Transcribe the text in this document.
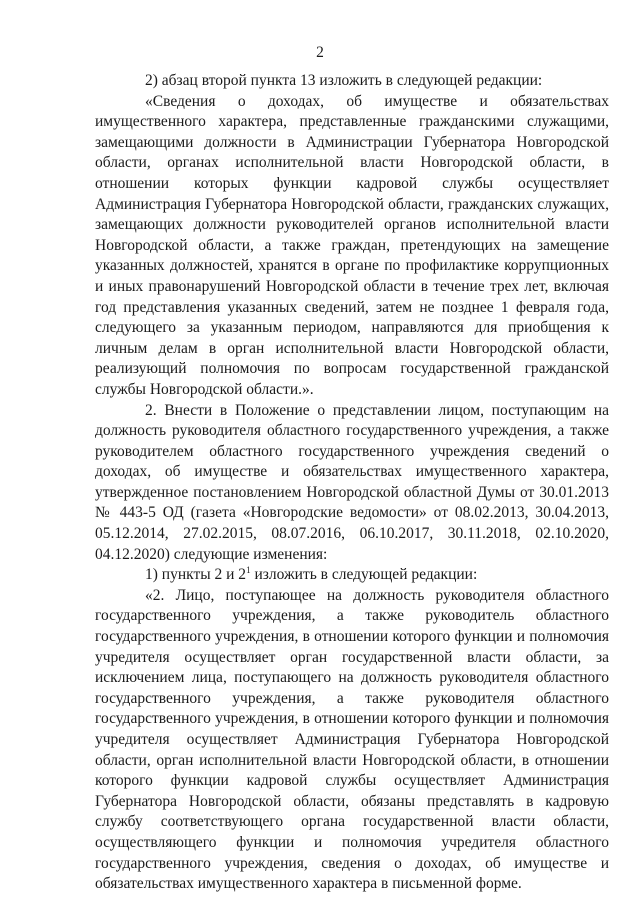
2

2) абзац второй пункта 13 изложить в следующей редакции:

«Сведения о доходах, об имуществе и обязательствах имущественного характера, представленные гражданскими служащими, замещающими должности в Администрации Губернатора Новгородской области, органах исполнительной власти Новгородской области, в отношении которых функции кадровой службы осуществляет Администрация Губернатора Новгородской области, гражданских служащих, замещающих должности руководителей органов исполнительной власти Новгородской области, а также граждан, претендующих на замещение указанных должностей, хранятся в органе по профилактике коррупционных и иных правонарушений Новгородской области в течение трех лет, включая год представления указанных сведений, затем не позднее 1 февраля года, следующего за указанным периодом, направляются для приобщения к личным делам в орган исполнительной власти Новгородской области, реализующий полномочия по вопросам государственной гражданской службы Новгородской области.».

2. Внести в Положение о представлении лицом, поступающим на должность руководителя областного государственного учреждения, а также руководителем областного государственного учреждения сведений о доходах, об имуществе и обязательствах имущественного характера, утвержденное постановлением Новгородской областной Думы от 30.01.2013 № 443-5 ОД (газета «Новгородские ведомости» от 08.02.2013, 30.04.2013, 05.12.2014, 27.02.2015, 08.07.2016, 06.10.2017, 30.11.2018, 02.10.2020, 04.12.2020) следующие изменения:

1) пункты 2 и $2^1$ изложить в следующей редакции:

«2. Лицо, поступающее на должность руководителя областного государственного учреждения, а также руководитель областного государственного учреждения, в отношении которого функции и полномочия учредителя осуществляет орган государственной власти области, за исключением лица, поступающего на должность руководителя областного государственного учреждения, а также руководителя областного государственного учреждения, в отношении которого функции и полномочия учредителя осуществляет Администрация Губернатора Новгородской области, орган исполнительной власти Новгородской области, в отношении которого функции кадровой службы осуществляет Администрация Губернатора Новгородской области, обязаны представлять в кадровую службу соответствующего органа государственной власти области, осуществляющего функции и полномочия учредителя областного государственного учреждения, сведения о доходах, об имуществе и обязательствах имущественного характера в письменной форме.
